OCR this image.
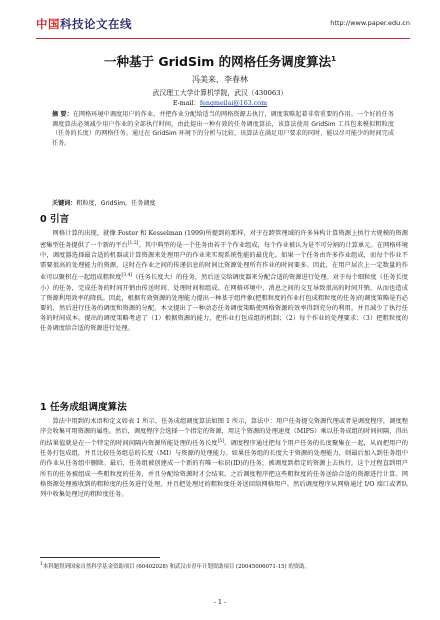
中国科技论文在线	http://www.paper.edu.cn
一种基于 GridSim 的网格任务调度算法$^1$
冯美来，李春林
武汉理工大学计算机学院，武汉（430063）
E-mail：fengmeilai@163.com
摘 要：在网格环境中调度用户的作业，并把作业分配给适当的网格资源去执行，调度策略起着非常重要的作用。一个好的任务调度算法必须减少用户作业的全部执行时间，由此提出一种有效的任务调度算法，该算法使用 GridSim 工具包来模拟粗粒度（任务的长度）的网格任务。通过在 GridSim 环境下的分析与比较，该算法在满足用户要求的同时，能以尽可能少的时间完成任务。
关键词：粗粒度，GridSim，任务调度
0 引言

网格计算的出现，就像 Foster 和 Kesselman (1999)所提到的那样，对于在跨管理域的许多异构计算资源上执行大规模的资源密集型任务提供了一个新的平台[1,2]。其中典型的是一个任务由若干个作业组成，每个作业被认为是不可分割的计算单元。在网格环境中，调度器选择最合适的机器或计算资源来处理用户的作业来实现系统性能的最优化。如果一个任务由许多作业组成，而每个作业不需要很高的处理能力的资源，这时在作业之间的传递信息的时间比资源处理所有作业的时间要多。因此，在用户层次上一定数量的作业可以聚积在一起组成粗粒度[3,4]（任务长度大）的任务，然后送交给调度器来分配合适的资源进行处理。对于每个细粒度（任务长度小）的任务，完成任务的时间开销由传送时间、处理时间和组成。在网格环境中，消息之间的交互导致很高的时间开销，从而也造成了资源利用效率的降低。因此，根据有效资源的处理能力提出一种基于组件象(把粗粒度的作业打包成粗粒度的任务)的调度策略是有必要的，然后进行任务的调度和资源的分配。本文提出了一种动态任务调度策略使网格资源的效率得到充分的利用，并且减少了执行任务的时间成本。提出的调度策略考虑了（1）根据资源的能力，把作业打包成组的机制；（2）每个作业的处理要求；（3）把粗粒度的任务调度给合适的资源进行处理。

1 任务成组调度算法

算法中用到的术语和定义如表 1 所示，任务成组调度算法如图 1 所示，算法中：用户任务提交资源代理或者是调度程序，调度程序会收集可用资源的属性。然后，调度程序会选择一个指定的资源，用这个资源的处理速度（MIPS）乘以任务成组的时间间隔，得出的结果值就是在一个特定的时间间隔内资源所能处理的任务长度[5]。调度程序通过把每个用户任务的长度聚集在一起，从而把用户的任务打包成组，并且比较任务组总的长度（MI）与资源的处理能力。如果任务组的长度大于资源的处理能力，则最后加入到任务组中的作业从任务组中删除。最后，任务组被创建成一个新的有唯一标识(ID)的任务，被调度到指定的资源上去执行。这个过程直到用户所有的任务被组成一些粗粒度的任务，并且分配给资源时才会结束。之后调度程序把这些粗粒度的任务送给合适的资源进行计算。网格资源处理被收到的粗粒度的任务进行处理，并且把处理过的粗粒度任务送回给网格用户。然后调度程序从网格通过 I/O 端口或者队列中收集处理过的粗粒度任务。

$^1$本科题得到国家自然科学基金资助项目 (60402028) 和武汉市青年计划资助项目 (20045006071-15) 的资助。
- 1 -
